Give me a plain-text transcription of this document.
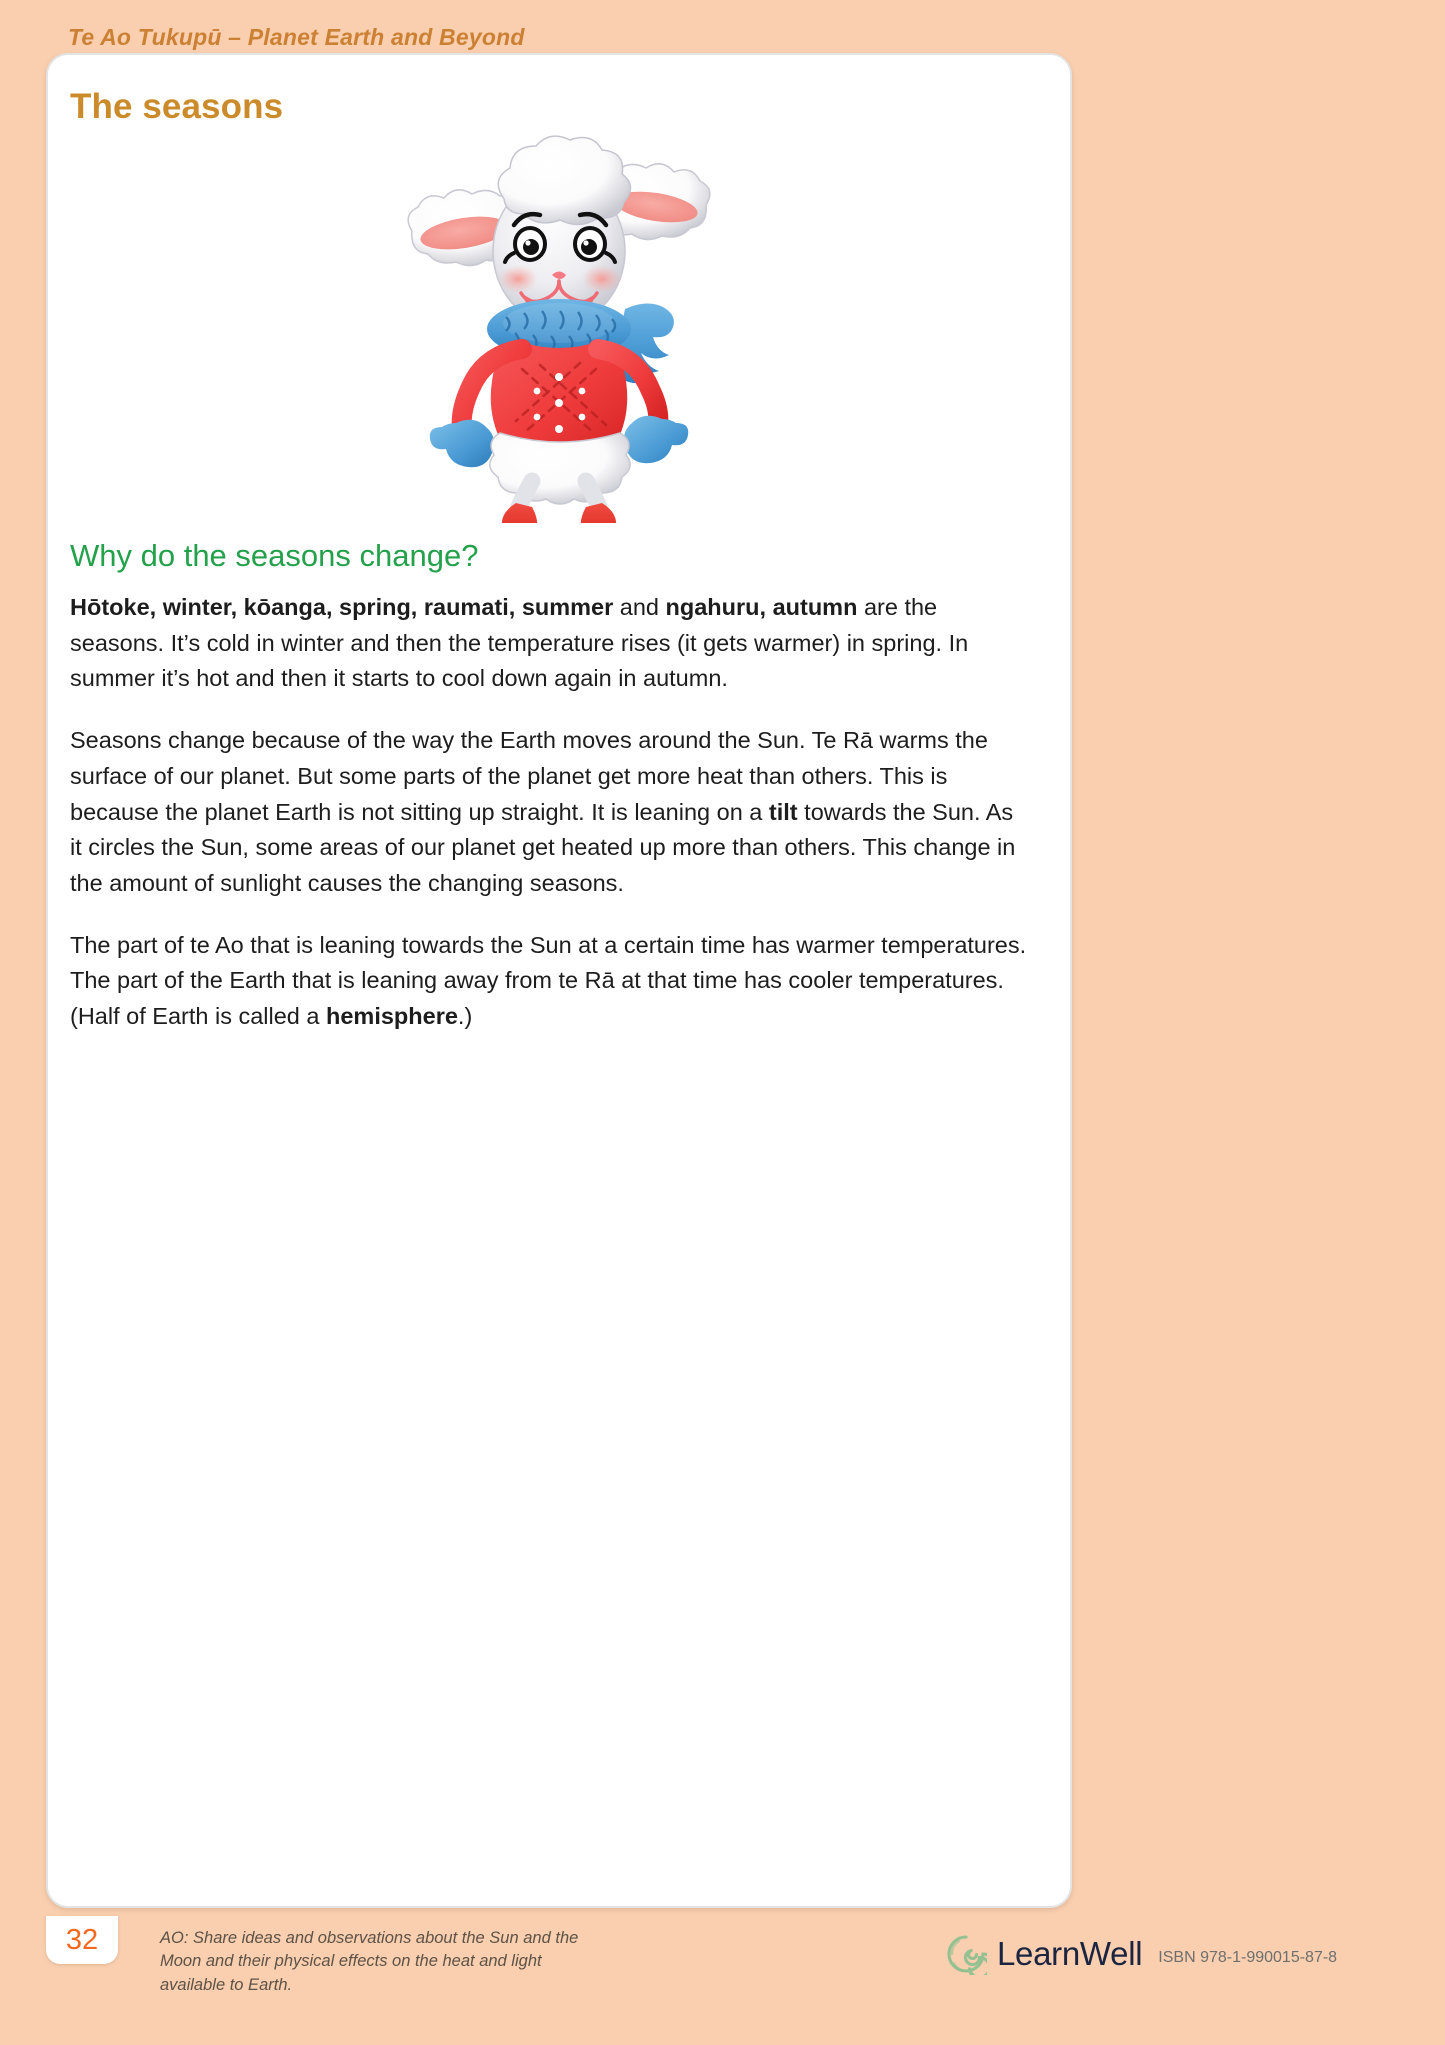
Te Ao Tukupū – Planet Earth and Beyond
The seasons
Why do the seasons change?

Hōtoke, winter, kōanga, spring, raumati, summer and ngahuru, autumn are the seasons. It’s cold in winter and then the temperature rises (it gets warmer) in spring. In summer it’s hot and then it starts to cool down again in autumn.

Seasons change because of the way the Earth moves around the Sun. Te Rā warms the surface of our planet. But some parts of the planet get more heat than others. This is because the planet Earth is not sitting up straight. It is leaning on a tilt towards the Sun. As it circles the Sun, some areas of our planet get heated up more than others. This change in the amount of sunlight causes the changing seasons.

The part of te Ao that is leaning towards the Sun at a certain time has warmer temperatures. The part of the Earth that is leaning away from te Rā at that time has cooler temperatures. (Half of Earth is called a hemisphere.)

32	AO: Share ideas and observations about the Sun and the Moon and their physical effects on the heat and light available to Earth.
LearnWell ISBN 978-1-990015-87-8
